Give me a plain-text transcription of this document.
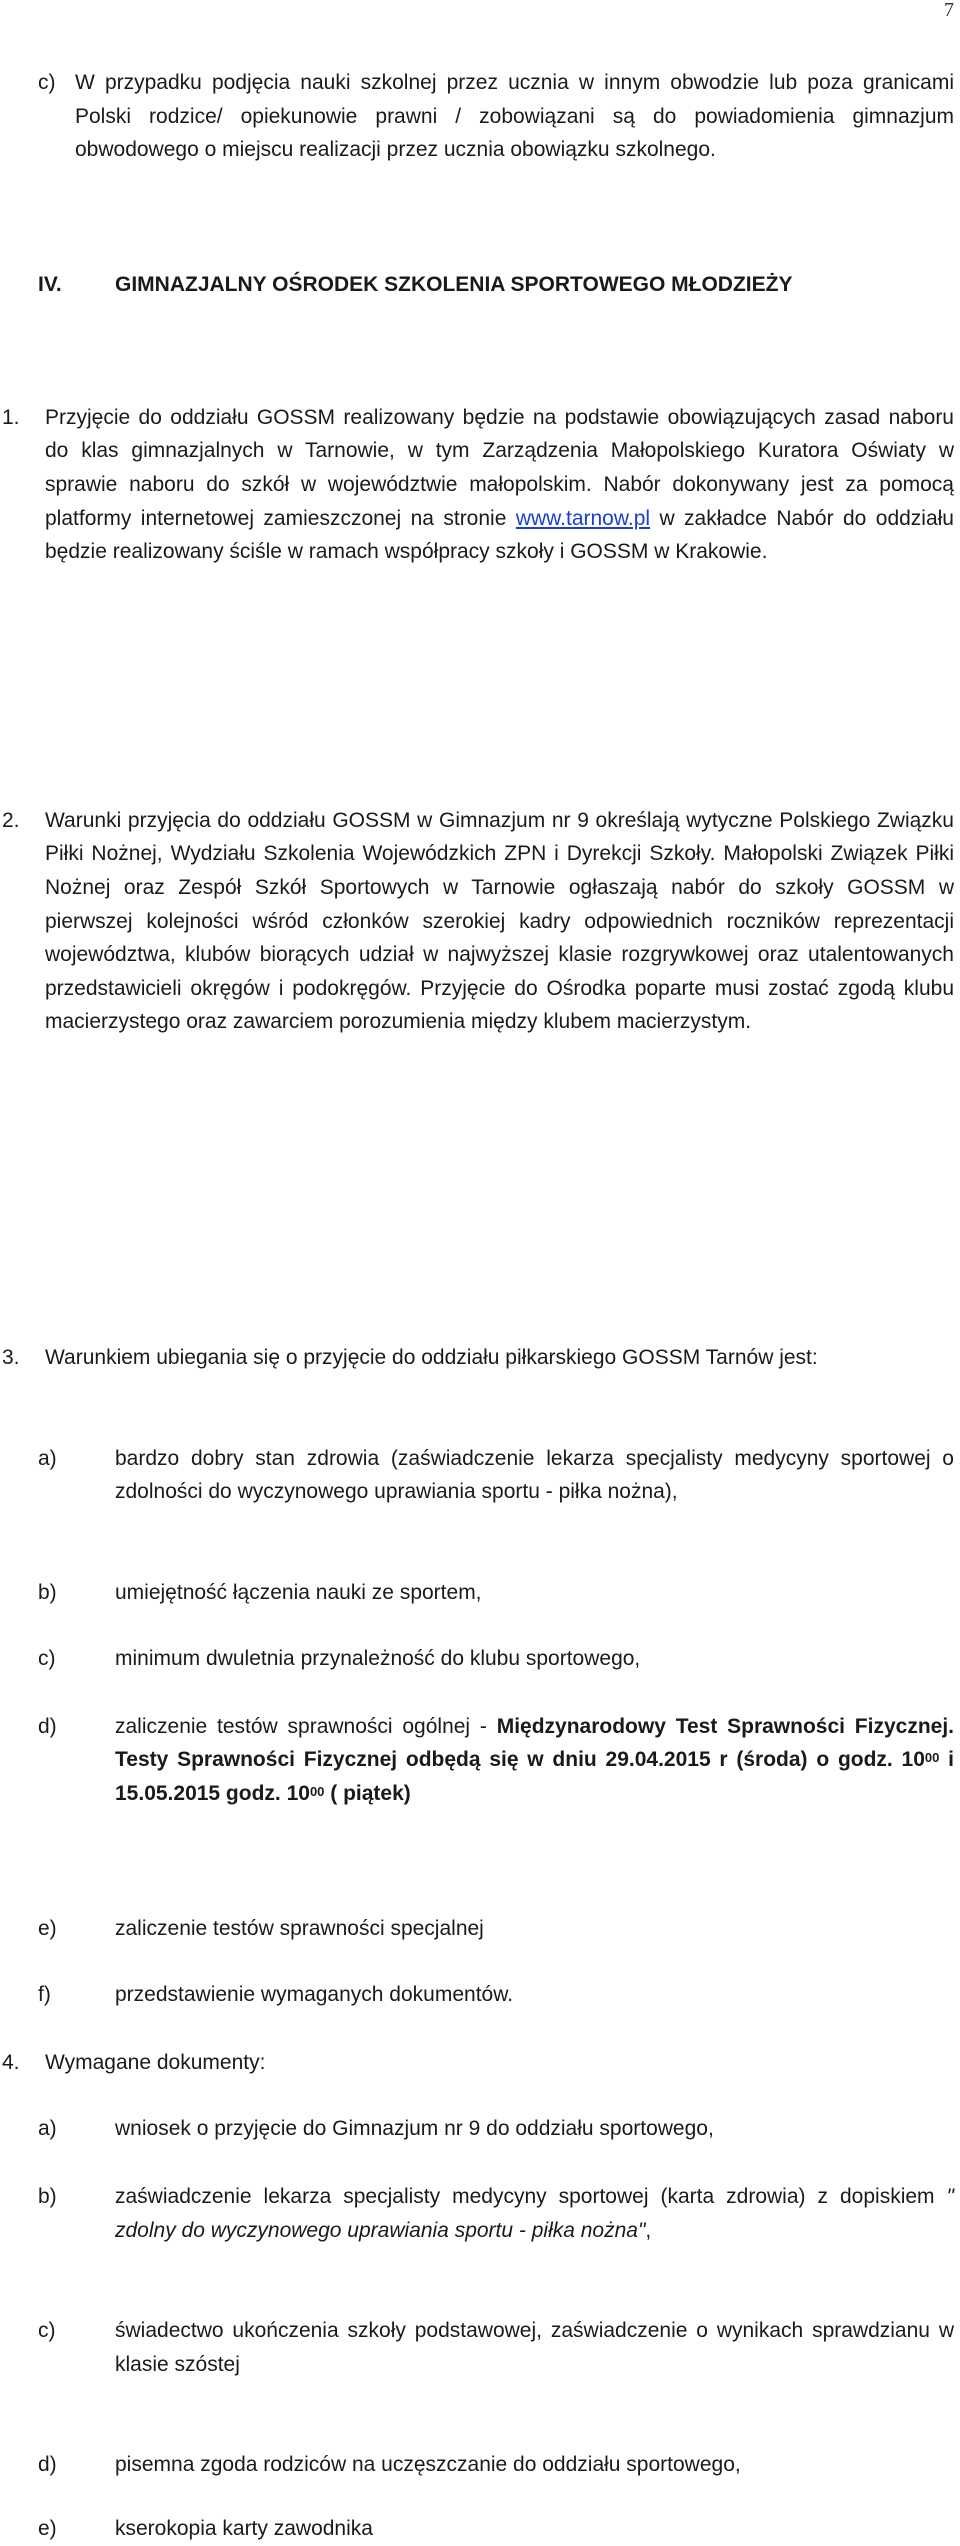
7
c) W przypadku podjęcia nauki szkolnej przez ucznia w innym obwodzie lub poza granicami Polski rodzice/ opiekunowie prawni / zobowiązani są do powiadomienia gimnazjum obwodowego o miejscu realizacji przez ucznia obowiązku szkolnego.

IV.	GIMNAZJALNY OŚRODEK SZKOLENIA SPORTOWEGO MŁODZIEŻY
1. Przyjęcie do oddziału GOSSM realizowany będzie na podstawie obowiązujących zasad naboru do klas gimnazjalnych w Tarnowie, w tym Zarządzenia Małopolskiego Kuratora Oświaty w sprawie naboru do szkół w województwie małopolskim. Nabór dokonywany jest za pomocą platformy internetowej zamieszczonej na stronie www.tarnow.pl w zakładce Nabór do oddziału będzie realizowany ściśle w ramach współpracy szkoły i GOSSM w Krakowie.

2. Warunki przyjęcia do oddziału GOSSM w Gimnazjum nr 9 określają wytyczne Polskiego Związku Piłki Nożnej, Wydziału Szkolenia Wojewódzkich ZPN i Dyrekcji Szkoły. Małopolski Związek Piłki Nożnej oraz Zespół Szkół Sportowych w Tarnowie ogłaszają nabór do szkoły GOSSM w pierwszej kolejności wśród członków szerokiej kadry odpowiednich roczników reprezentacji województwa, klubów biorących udział w najwyższej klasie rozgrywkowej oraz utalentowanych przedstawicieli okręgów i podokręgów. Przyjęcie do Ośrodka poparte musi zostać zgodą klubu macierzystego oraz zawarciem porozumienia między klubem macierzystym.

3. Warunkiem ubiegania się o przyjęcie do oddziału piłkarskiego GOSSM Tarnów jest:

a)	bardzo dobry stan zdrowia (zaświadczenie lekarza specjalisty medycyny sportowej o zdolności do wyczynowego uprawiania sportu - piłka nożna),

b)	umiejętność łączenia nauki ze sportem,

c)	minimum dwuletnia przynależność do klubu sportowego,

d)	zaliczenie testów sprawności ogólnej - Międzynarodowy Test Sprawności Fizycznej. Testy Sprawności Fizycznej odbędą się w dniu 29.04.2015 r (środa) o godz. $10^{00}$ i 15.05.2015 godz. $10^{00}$ ( piątek)

e)	zaliczenie testów sprawności specjalnej

f)	przedstawienie wymaganych dokumentów.

4. Wymagane dokumenty:

a)	wniosek o przyjęcie do Gimnazjum nr 9 do oddziału sportowego,

b)	zaświadczenie lekarza specjalisty medycyny sportowej (karta zdrowia) z dopiskiem " zdolny do wyczynowego uprawiania sportu - piłka nożna",

c)	świadectwo ukończenia szkoły podstawowej, zaświadczenie o wynikach sprawdzianu w klasie szóstej

d)	pisemna zgoda rodziców na uczęszczanie do oddziału sportowego,

e)	kserokopia karty zawodnika
